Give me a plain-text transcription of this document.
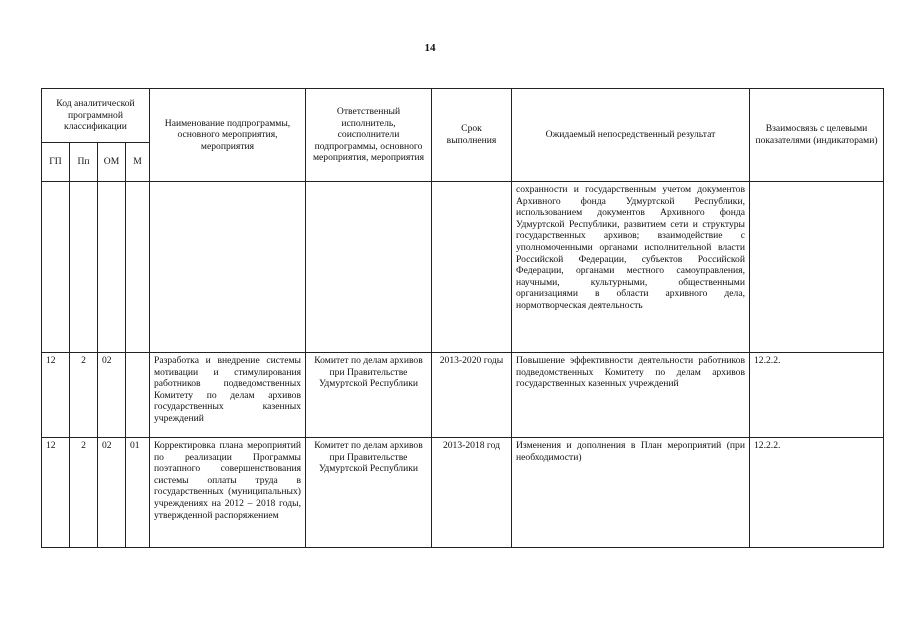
14
Код аналитической программной классификации				Наименование подпрограммы, основного мероприятия, мероприятия	Ответственный исполнитель, соисполнители подпрограммы, основного мероприятия, мероприятия	Срок выполнения	Ожидаемый непосредственный результат	Взаимосвязь с целевыми показателями (индикаторами)
ГП	Пп	ОМ	М					
							сохранности и государственным учетом документов Архивного фонда Удмуртской Республики, использованием документов Архивного фонда Удмуртской Республики, развитием сети и структуры государственных архивов; взаимодействие с уполномоченными органами исполнительной власти Российской Федерации, субъектов Российской Федерации, органами местного самоуправления, научными, культурными, общественными организациями в области архивного дела, нормотворческая деятельность	
12	2	02		Разработка и внедрение системы мотивации и стимулирования работников подведомственных Комитету по делам архивов государственных казенных учреждений	Комитет по делам архивов при Правительстве Удмуртской Республики	2013-2020 годы	Повышение эффективности деятельности работников подведомственных Комитету по делам архивов государственных казенных учреждений	12.2.2.
12	2	02	01	Корректировка плана мероприятий по реализации Программы поэтапного совершенствования системы оплаты труда в государственных (муниципальных) учреждениях на 2012 – 2018 годы, утвержденной распоряжением	Комитет по делам архивов при Правительстве Удмуртской Республики	2013-2018 год	Изменения и дополнения в План мероприятий (при необходимости)	12.2.2.
